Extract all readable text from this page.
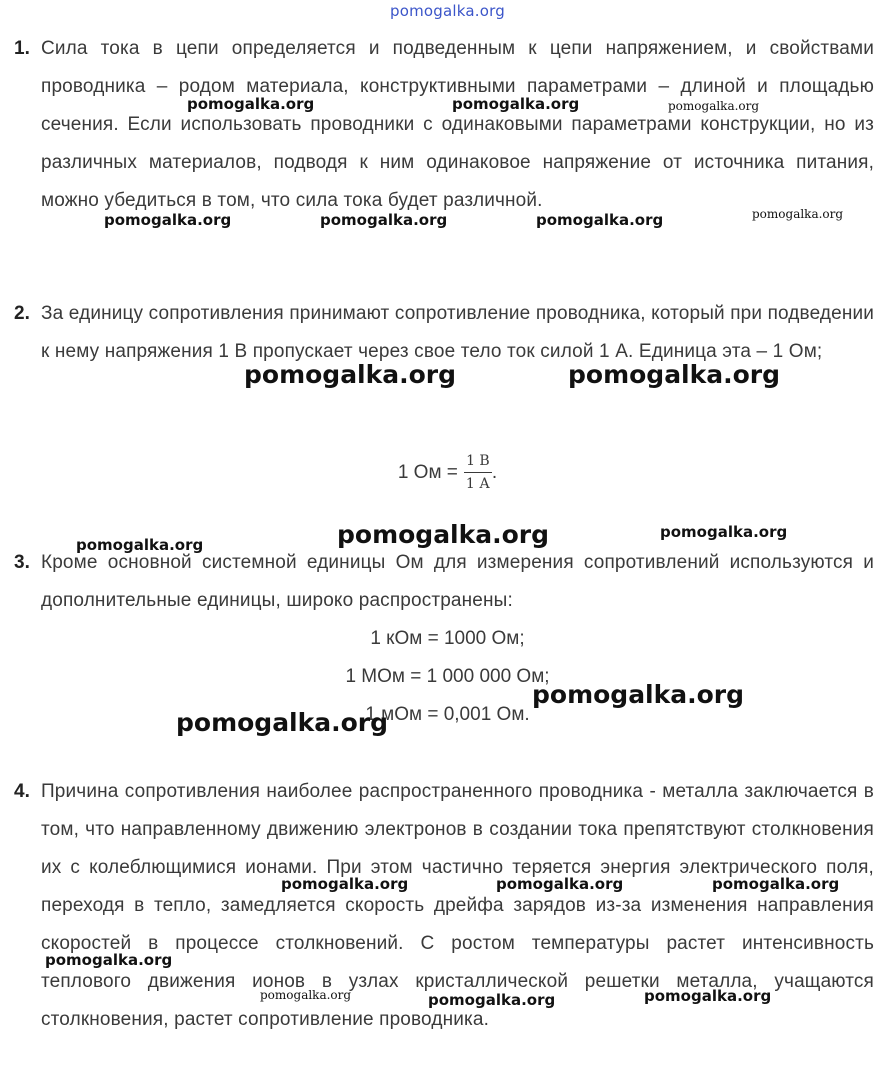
pomogalka.org
1. Сила тока в цепи определяется и подведенным к цепи напряжением, и свойствами проводника – родом материала, конструктивными параметрами – длиной и площадью сечения. Если использовать проводники с одинаковыми параметрами конструкции, но из различных материалов, подводя к ним одинаковое напряжение от источника питания, можно убедиться в том, что сила тока будет различной.
2. За единицу сопротивления принимают сопротивление проводника, который при подведении к нему напряжения 1 В пропускает через свое тело ток силой 1 А. Единица эта – 1 Ом;
1 Ом = $\frac{1 В}{1 А}$ .
3. Кроме основной системной единицы Ом для измерения сопротивлений используются и дополнительные единицы, широко распространены:
1 кОм = 1000 Ом;
1 МОм = 1 000 000 Ом;
1 мОм = 0,001 Ом.
4. Причина сопротивления наиболее распространенного проводника - металла заключается в том, что направленному движению электронов в создании тока препятствуют столкновения их с колеблющимися ионами. При этом частично теряется энергия электрического поля, переходя в тепло, замедляется скорость дрейфа зарядов из-за изменения направления скоростей в процессе столкновений. С ростом температуры растет интенсивность теплового движения ионов в узлах кристаллической решетки металла, учащаются столкновения, растет сопротивление проводника.
pomogalka.org	pomogalka.org	pomogalka.org
pomogalka.org	pomogalka.org	pomogalka.org	pomogalka.org
pomogalka.org	pomogalka.org
pomogalka.org	pomogalka.org
pomogalka.org
pomogalka.org
pomogalka.org
pomogalka.org	pomogalka.org	pomogalka.org
pomogalka.org
pomogalka.org	pomogalka.org	pomogalka.org
